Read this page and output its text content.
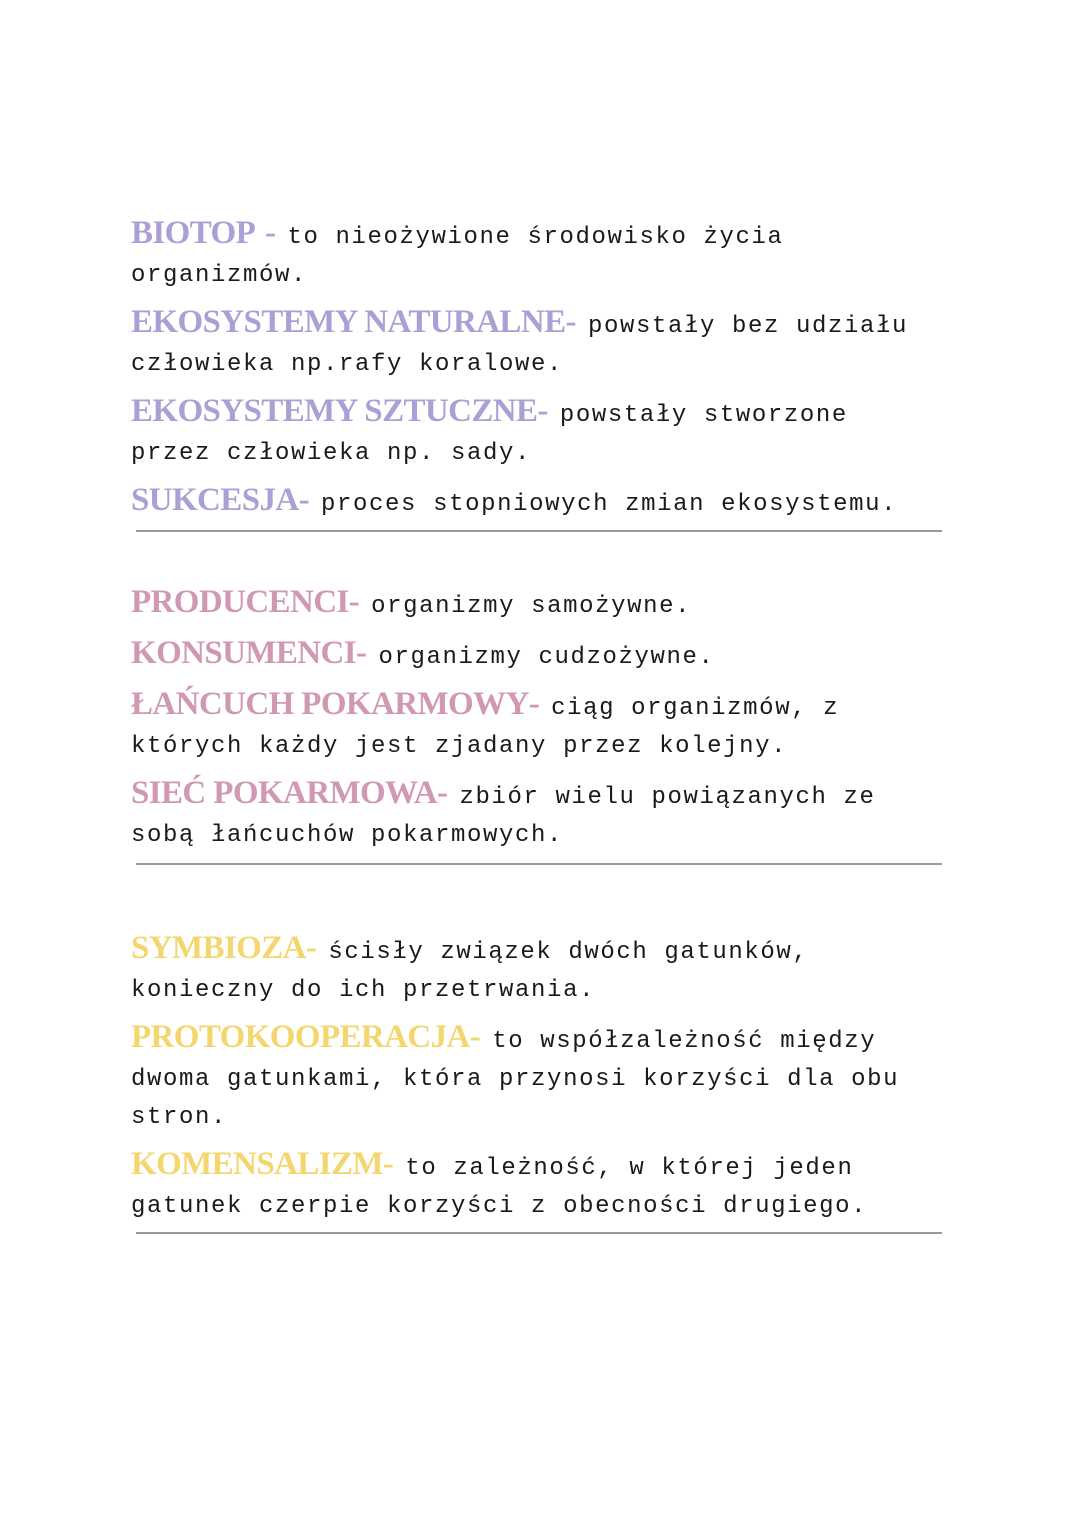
BIOTOP - to nieożywione środowisko życia organizmów.

EKOSYSTEMY NATURALNE- powstały bez udziału człowieka np.rafy koralowe.

EKOSYSTEMY SZTUCZNE- powstały stworzone przez człowieka np. sady.

SUKCESJA- proces stopniowych zmian ekosystemu.

PRODUCENCI- organizmy samożywne.

KONSUMENCI- organizmy cudzożywne.

ŁAŃCUCH POKARMOWY- ciąg organizmów, z których każdy jest zjadany przez kolejny.

SIEĆ POKARMOWA- zbiór wielu powiązanych ze sobą łańcuchów pokarmowych.

SYMBIOZA- ścisły związek dwóch gatunków, konieczny do ich przetrwania.

PROTOKOOPERACJA- to współzależność między dwoma gatunkami, która przynosi korzyści dla obu stron.

KOMENSALIZM- to zależność, w której jeden gatunek czerpie korzyści z obecności drugiego.
